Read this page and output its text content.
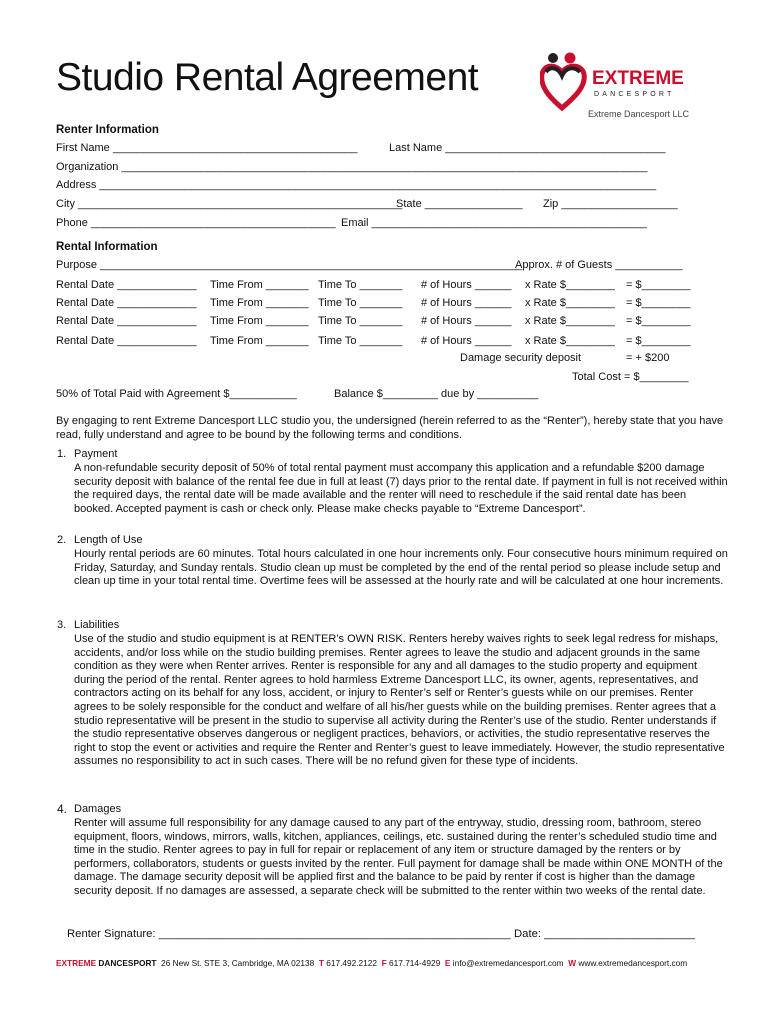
Studio Rental Agreement	EXTREME
DANCESPORT
Extreme Dancesport LLC
Renter Information
First Name ________________________________________	Last Name ____________________________________
Organization ______________________________________________________________________________________
Address ___________________________________________________________________________________________
City _____________________________________________________
State ________________ Zip ___________________
Phone ________________________________________ Email _____________________________________________
Rental Information
Purpose _____________________________________________________________________
Approx. # of Guests ___________
Rental Date _____________ Time From _______ Time To _______ # of Hours ______ x Rate $________ = $________
Rental Date _____________ Time From _______ Time To _______ # of Hours ______ x Rate $________ = $________
Rental Date _____________ Time From _______ Time To _______ # of Hours ______ x Rate $________ = $________
Rental Date _____________ Time From _______ Time To _______ # of Hours ______ x Rate $________ = $________
Damage security deposit	= + $200
Total Cost = $________
50% of Total Paid with Agreement $___________	Balance $_________ due by __________
By engaging to rent Extreme Dancesport LLC studio you, the undersigned (herein referred to as the “Renter”), hereby state that you have read, fully understand and agree to be bound by the following terms and conditions.
1. Payment
A non-refundable security deposit of 50% of total rental payment must accompany this application and a refundable $200 damage security deposit with balance of the rental fee due in full at least (7) days prior to the rental date. If payment in full is not received within the required days, the rental date will be made available and the renter will need to reschedule if the said rental date has been booked. Accepted payment is cash or check only. Please make checks payable to “Extreme Dancesport”.
2. Length of Use
Hourly rental periods are 60 minutes. Total hours calculated in one hour increments only. Four consecutive hours minimum required on Friday, Saturday, and Sunday rentals. Studio clean up must be completed by the end of the rental period so please include setup and clean up time in your total rental time. Overtime fees will be assessed at the hourly rate and will be calculated at one hour increments.
3. Liabilities
Use of the studio and studio equipment is at RENTER’s OWN RISK. Renters hereby waives rights to seek legal redress for mishaps, accidents, and/or loss while on the studio building premises. Renter agrees to leave the studio and adjacent grounds in the same condition as they were when Renter arrives. Renter is responsible for any and all damages to the studio property and equipment during the period of the rental. Renter agrees to hold harmless Extreme Dancesport LLC, its owner, agents, representatives, and contractors acting on its behalf for any loss, accident, or injury to Renter’s self or Renter’s guests while on our premises. Renter agrees to be solely responsible for the conduct and welfare of all his/her guests while on the building premises. Renter agrees that a studio representative will be present in the studio to supervise all activity during the Renter’s use of the studio. Renter understands if the studio representative observes dangerous or negligent practices, behaviors, or activities, the studio representative reserves the right to stop the event or activities and require the Renter and Renter’s guest to leave immediately. However, the studio representative assumes no responsibility to act in such cases. There will be no refund given for these type of incidents.
4. Damages
Renter will assume full responsibility for any damage caused to any part of the entryway, studio, dressing room, bathroom, stereo equipment, floors, windows, mirrors, walls, kitchen, appliances, ceilings, etc. sustained during the renter’s scheduled studio time and time in the studio. Renter agrees to pay in full for repair or replacement of any item or structure damaged by the renters or by performers, collaborators, students or guests invited by the renter. Full payment for damage shall be made within ONE MONTH of the damage. The damage security deposit will be applied first and the balance to be paid by renter if cost is higher than the damage security deposit. If no damages are assessed, a separate check will be submitted to the renter within two weeks of the rental date.
Renter Signature: ________________________________________________________ Date: ________________________
EXTREME DANCESPORT 26 New St. STE 3, Cambridge, MA 02138 T 617.492.2122 F 617.714-4929 E info@extremedancesport.com W www.extremedancesport.com
